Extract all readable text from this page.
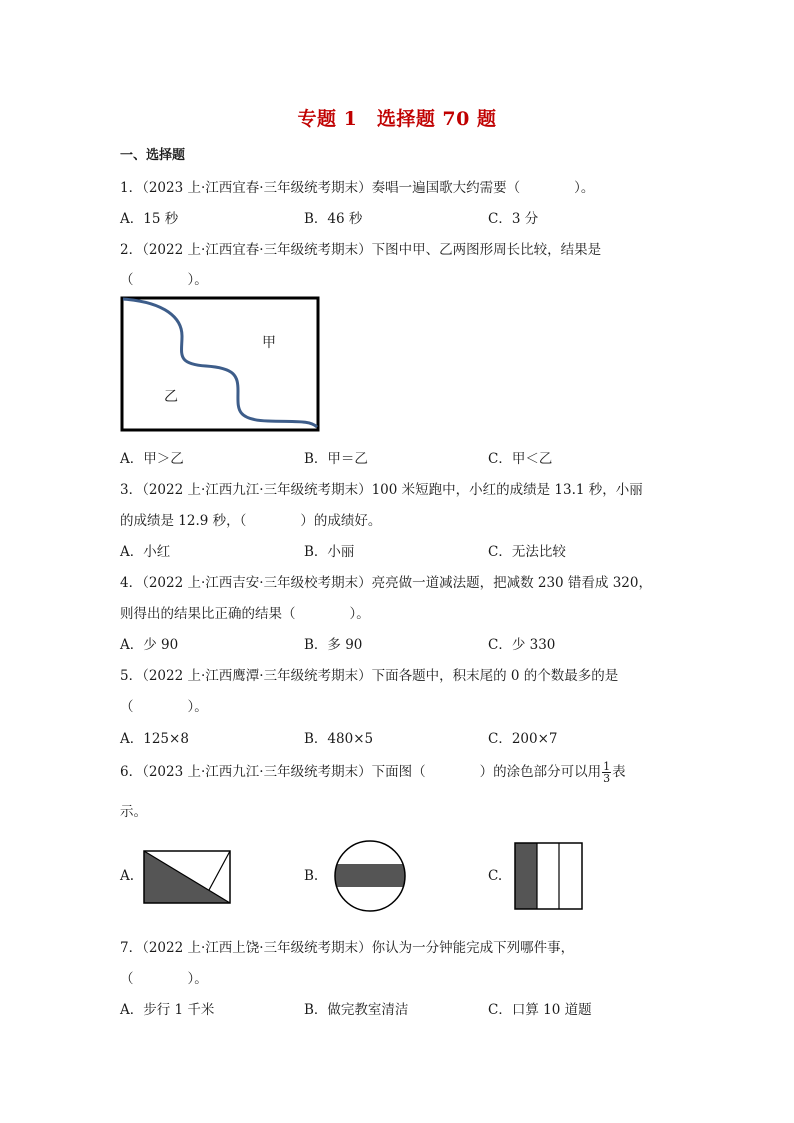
专题 1　选择题 70 题
一、选择题
1．（2023 上·江西宜春·三年级统考期末）奏唱一遍国歌大约需要（　　　　）。
A．15 秒	B．46 秒	C．3 分
2．（2022 上·江西宜春·三年级统考期末）下图中甲、乙两图形周长比较，结果是
（　　　　）。
甲
乙
A．甲＞乙	B．甲＝乙	C．甲＜乙
3．（2022 上·江西九江·三年级统考期末）100 米短跑中，小红的成绩是 13.1 秒，小丽
的成绩是 12.9 秒，（　　　　）的成绩好。
A．小红	B．小丽	C．无法比较
4．（2022 上·江西吉安·三年级校考期末）亮亮做一道减法题，把减数 230 错看成 320，
则得出的结果比正确的结果（　　　　）。
A．少 90	B．多 90	C．少 330
5．（2022 上·江西鹰潭·三年级统考期末）下面各题中，积末尾的 0 的个数最多的是
（　　　　）。
A．125×8	B．480×5	C．200×7
6．（2023 上·江西九江·三年级统考期末）下面图（　　　　）的涂色部分可以用 $\frac{1}{3}$ 表
示。
A.	B.	C.
7．（2022 上·江西上饶·三年级统考期末）你认为一分钟能完成下列哪件事，
（　　　　）。
A．步行 1 千米	B．做完教室清洁	C．口算 10 道题
